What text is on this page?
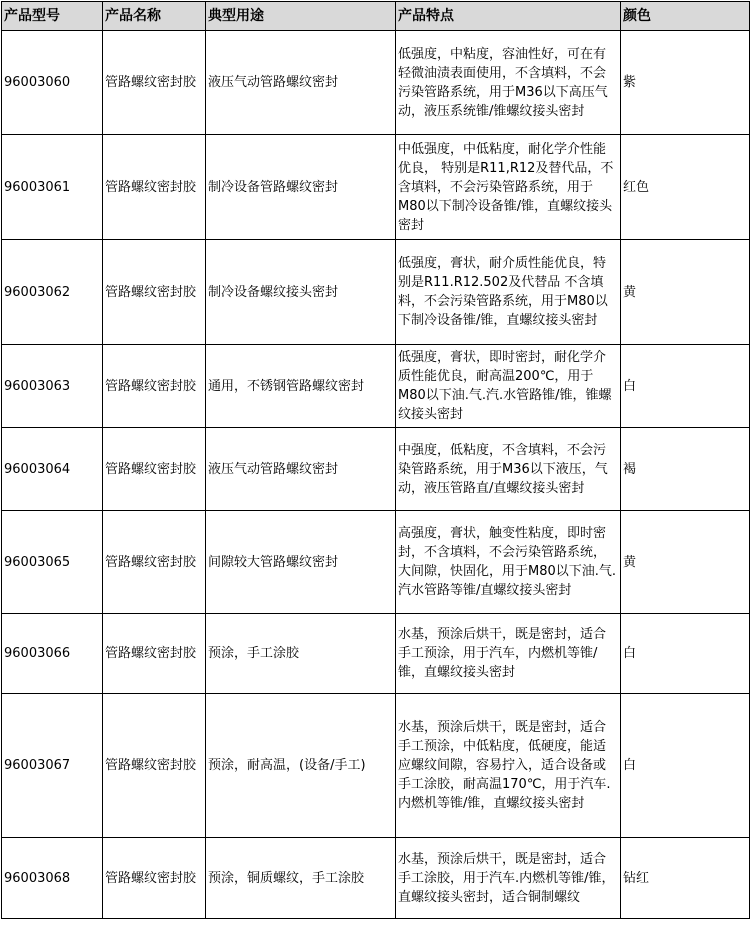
产品型号	产品名称	典型用途	产品特点	颜色
96003060	管路螺纹密封胶	液压气动管路螺纹密封	低强度，中粘度，容油性好，可在有轻微油渍表面使用，不含填料，不会污染管路系统，用于M36以下高压气动，液压系统锥/锥螺纹接头密封	紫
96003061	管路螺纹密封胶	制冷设备管路螺纹密封	中低强度，中低粘度，耐化学介性能优良， 特别是R11,R12及替代品，不含填料，不会污染管路系统，用于M80以下制冷设备锥/锥，直螺纹接头密封	红色
96003062	管路螺纹密封胶	制冷设备螺纹接头密封	低强度，膏状，耐介质性能优良，特别是R11.R12.502及代替品 不含填料，不会污染管路系统，用于M80以下制冷设备锥/锥，直螺纹接头密封	黄
96003063	管路螺纹密封胶	通用，不锈钢管路螺纹密封	低强度，膏状，即时密封，耐化学介质性能优良，耐高温200℃，用于M80以下油.气.汽.水管路锥/锥，锥螺纹接头密封	白
96003064	管路螺纹密封胶	液压气动管路螺纹密封	中强度，低粘度，不含填料，不会污染管路系统，用于M36以下液压，气动，液压管路直/直螺纹接头密封	褐
96003065	管路螺纹密封胶	间隙较大管路螺纹密封	高强度，膏状，触变性粘度，即时密封，不含填料，不会污染管路系统，大间隙，快固化，用于M80以下油.气.汽水管路等锥/直螺纹接头密封	黄
96003066	管路螺纹密封胶	预涂，手工涂胶	水基，预涂后烘干，既是密封，适合手工预涂，用于汽车，内燃机等锥/锥，直螺纹接头密封	白
96003067	管路螺纹密封胶	预涂，耐高温，(设备/手工)	水基，预涂后烘干，既是密封，适合手工预涂，中低粘度，低硬度，能适应螺纹间隙，容易拧入，适合设备或手工涂胶，耐高温170℃，用于汽车.内燃机等锥/锥，直螺纹接头密封	白
96003068	管路螺纹密封胶	预涂，铜质螺纹，手工涂胶	水基，预涂后烘干，既是密封，适合手工涂胶，用于汽车.内燃机等锥/锥，直螺纹接头密封，适合铜制螺纹	钻红
